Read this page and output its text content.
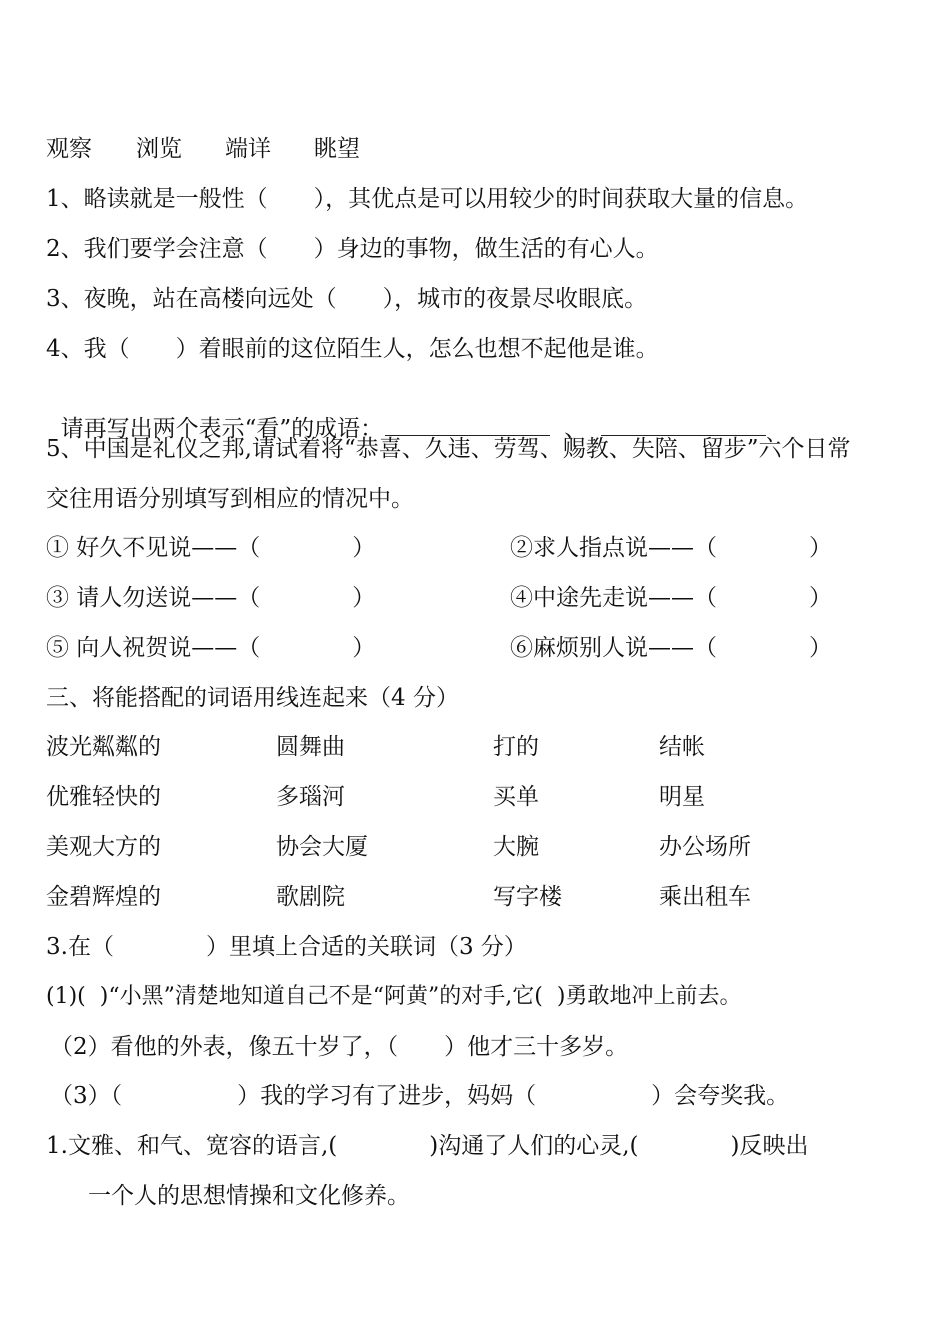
观察 浏览 端详 眺望
1、略读就是一般性（　　），其优点是可以用较少的时间获取大量的信息。
2、我们要学会注意（　　）身边的事物，做生活的有心人。
3、夜晚，站在高楼向远处（　　），城市的夜景尽收眼底。
4、我（　　）着眼前的这位陌生人，怎么也想不起他是谁。

请再写出两个表示“看”的成语：	、

5、中国是礼仪之邦,请试着将“恭喜、久违、劳驾、赐教、失陪、留步”六个日常
交往用语分别填写到相应的情况中。
① 好久不见说——（　　　　）	②求人指点说——（　　　　）
③ 请人勿送说——（　　　　）	④中途先走说——（　　　　）
⑤ 向人祝贺说——（　　　　）	⑥麻烦别人说——（　　　　）
三、将能搭配的词语用线连起来（4 分）
波光粼粼的	圆舞曲	打的	结帐
优雅轻快的	多瑙河	买单	明星
美观大方的	协会大厦	大腕	办公场所
金碧辉煌的	歌剧院	写字楼	乘出租车
3.在（　　　　）里填上合适的关联词（3 分）
(1)(  )“小黑”清楚地知道自己不是“阿黄”的对手,它(  )勇敢地冲上前去。
（2）看他的外表，像五十岁了，（　　）他才三十多岁。
（3）（　　　　　）我的学习有了进步，妈妈（　　　　　）会夸奖我。
1.文雅、和气、宽容的语言,(　　　　)沟通了人们的心灵,(　　　　)反映出
一个人的思想情操和文化修养。
